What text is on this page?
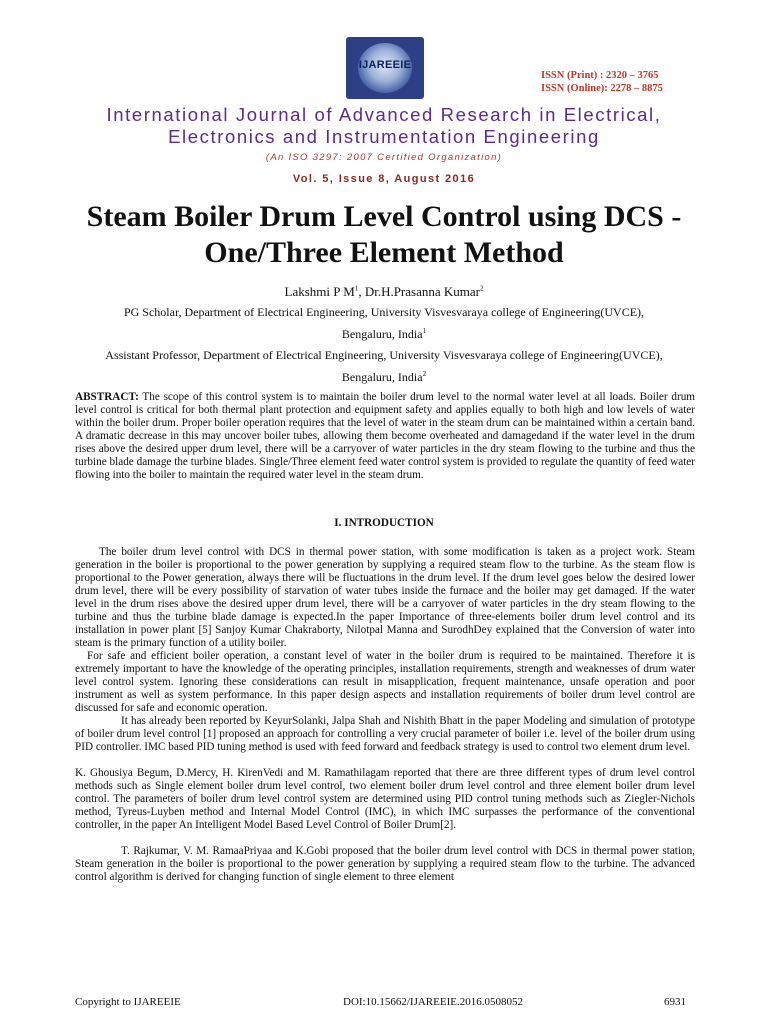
IJAREEIE
ISSN (Print) : 2320 – 3765
ISSN (Online): 2278 – 8875
International Journal of Advanced Research in Electrical,
Electronics and Instrumentation Engineering
(An ISO 3297: 2007 Certified Organization)
Vol. 5, Issue 8, August 2016
Steam Boiler Drum Level Control using DCS -
One/Three Element Method
Lakshmi P $M^1$, Dr.H.Prasanna Kumar$^2$
PG Scholar, Department of Electrical Engineering, University Visvesvaraya college of Engineering(UVCE),
Bengaluru, India$^1$
Assistant Professor, Department of Electrical Engineering, University Visvesvaraya college of Engineering(UVCE),
Bengaluru, India$^2$

ABSTRACT: The scope of this control system is to maintain the boiler drum level to the normal water level at all loads. Boiler drum level control is critical for both thermal plant protection and equipment safety and applies equally to both high and low levels of water within the boiler drum. Proper boiler operation requires that the level of water in the steam drum can be maintained within a certain band. A dramatic decrease in this may uncover boiler tubes, allowing them become overheated and damagedand if the water level in the drum rises above the desired upper drum level, there will be a carryover of water particles in the dry steam flowing to the turbine and thus the turbine blade damage the turbine blades. Single/Three element feed water control system is provided to regulate the quantity of feed water flowing into the boiler to maintain the required water level in the steam drum.

I. INTRODUCTION

The boiler drum level control with DCS in thermal power station, with some modification is taken as a project work. Steam generation in the boiler is proportional to the power generation by supplying a required steam flow to the turbine. As the steam flow is proportional to the Power generation, always there will be fluctuations in the drum level. If the drum level goes below the desired lower drum level, there will be every possibility of starvation of water tubes inside the furnace and the boiler may get damaged. If the water level in the drum rises above the desired upper drum level, there will be a carryover of water particles in the dry steam flowing to the turbine and thus the turbine blade damage is expected.In the paper Importance of three-elements boiler drum level control and its installation in power plant [5] Sanjoy Kumar Chakraborty, Nilotpal Manna and SurodhDey explained that the Conversion of water into steam is the primary function of a utility boiler.

For safe and efficient boiler operation, a constant level of water in the boiler drum is required to be maintained. Therefore it is extremely important to have the knowledge of the operating principles, installation requirements, strength and weaknesses of drum water level control system. Ignoring these considerations can result in misapplication, frequent maintenance, unsafe operation and poor instrument as well as system performance. In this paper design aspects and installation requirements of boiler drum level control are discussed for safe and economic operation.

It has already been reported by KeyurSolanki, Jalpa Shah and Nishith Bhatt in the paper Modeling and simulation of prototype of boiler drum level control [1] proposed an approach for controlling a very crucial parameter of boiler i.e. level of the boiler drum using PID controller. IMC based PID tuning method is used with feed forward and feedback strategy is used to control two element drum level.

K. Ghousiya Begum, D.Mercy, H. KirenVedi and M. Ramathilagam reported that there are three different types of drum level control methods such as Single element boiler drum level control, two element boiler drum level control and three element boiler drum level control. The parameters of boiler drum level control system are determined using PID control tuning methods such as Ziegler-Nichols method, Tyreus-Luyben method and Internal Model Control (IMC), in which IMC surpasses the performance of the conventional controller, in the paper An Intelligent Model Based Level Control of Boiler Drum[2].

T. Rajkumar, V. M. RamaaPriyaa and K.Gobi proposed that the boiler drum level control with DCS in thermal power station, Steam generation in the boiler is proportional to the power generation by supplying a required steam flow to the turbine. The advanced control algorithm is derived for changing function of single element to three element

Copyright to IJAREEIE	DOI:10.15662/IJAREEIE.2016.0508052	6931
